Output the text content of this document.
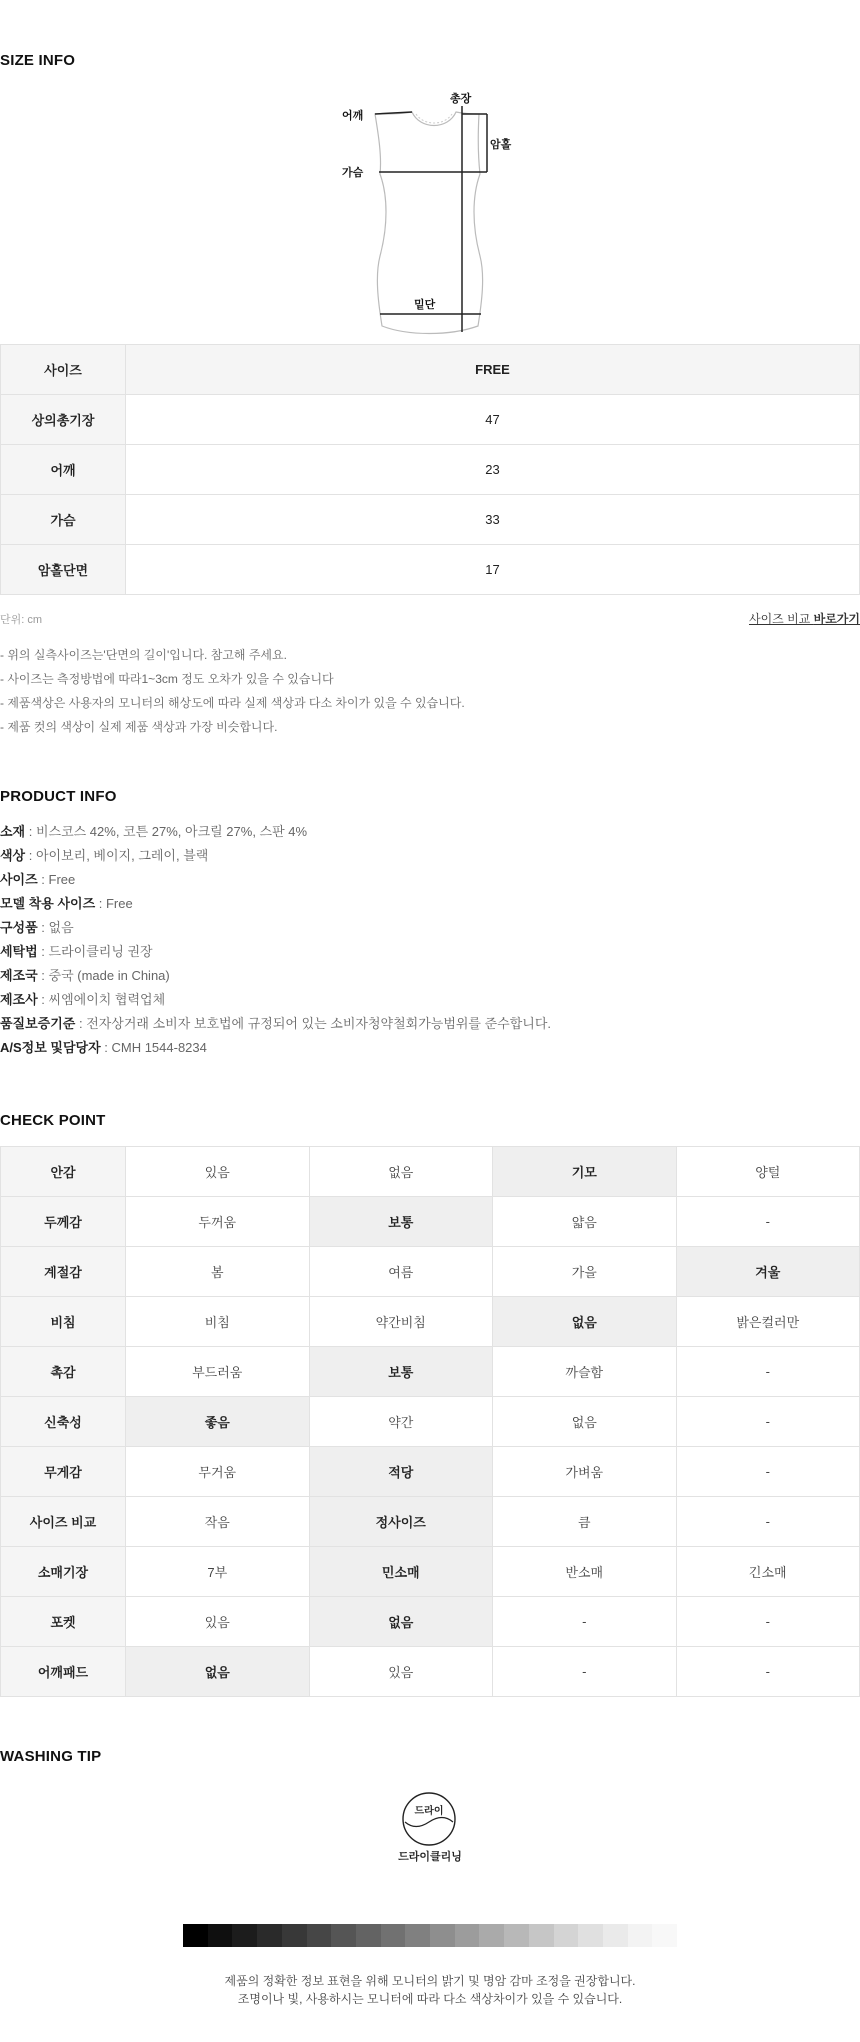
SIZE INFO
어깨
총장
암홀
가슴
밑단
사이즈	FREE
상의총기장	47
어깨	23
가슴	33
암홀단면	17
단위: cm	사이즈 비교 바로가기
- 위의 실측사이즈는'단면의 길이'입니다. 참고해 주세요.
- 사이즈는 측정방법에 따라1~3cm 정도 오차가 있을 수 있습니다
- 제품색상은 사용자의 모니터의 해상도에 따라 실제 색상과 다소 차이가 있을 수 있습니다.
- 제품 컷의 색상이 실제 제품 색상과 가장 비슷합니다.
PRODUCT INFO
소재 : 비스코스 42%, 코튼 27%, 아크릴 27%, 스판 4%
색상 : 아이보리, 베이지, 그레이, 블랙
사이즈 : Free
모델 착용 사이즈 : Free
구성품 : 없음
세탁법 : 드라이클리닝 권장
제조국 : 중국 (made in China)
제조사 : 씨엠에이치 협력업체
품질보증기준 : 전자상거래 소비자 보호법에 규정되어 있는 소비자청약철회가능범위를 준수합니다.
A/S정보 및담당자 : CMH 1544-8234
CHECK POINT
안감	있음	없음	기모	양털
두께감	두꺼움	보통	얇음	-
계절감	봄	여름	가을	겨울
비침	비침	약간비침	없음	밝은컬러만
촉감	부드러움	보통	까슬함	-
신축성	좋음	약간	없음	-
무게감	무거움	적당	가벼움	-
사이즈 비교	작음	정사이즈	큼	-
소매기장	7부	민소매	반소매	긴소매
포켓	있음	없음	-	-
어깨패드	없음	있음	-	-
WASHING TIP
드라이
드라이클리닝
제품의 정확한 정보 표현을 위해 모니터의 밝기 및 명암 감마 조정을 권장합니다.
조명이나 빛, 사용하시는 모니터에 따라 다소 색상차이가 있을 수 있습니다.
